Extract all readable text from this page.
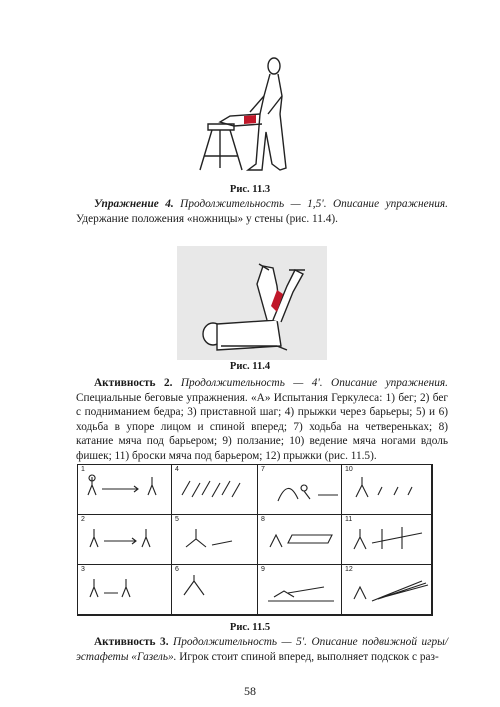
Рис. 11.3

Упражнение 4. Продолжительность — 1,5'. Описание упражнения. Удержание положения «ножницы» у стены (рис. 11.4).

Рис. 11.4

Активность 2. Продолжительность — 4'. Описание упражнения. Специальные беговые упражнения. «А» Испытания Геркулеса: 1) бег; 2) бег с подниманием бедра; 3) приставной шаг; 4) прыжки через барьеры; 5) и 6) ходьба в упоре лицом и спиной вперед; 7) ходьба на четвереньках; 8) катание мяча под барьером; 9) ползание; 10) ведение мяча ногами вдоль фишек; 11) броски мяча под барьером; 12) прыжки (рис. 11.5).

1	4	7	10
2	5	8	11
3	6	9	12
Рис. 11.5

Активность 3. Продолжительность — 5'. Описание подвижной игры/эстафеты «Газель». Игрок стоит спиной вперед, выполняет подскок с раз-

58
